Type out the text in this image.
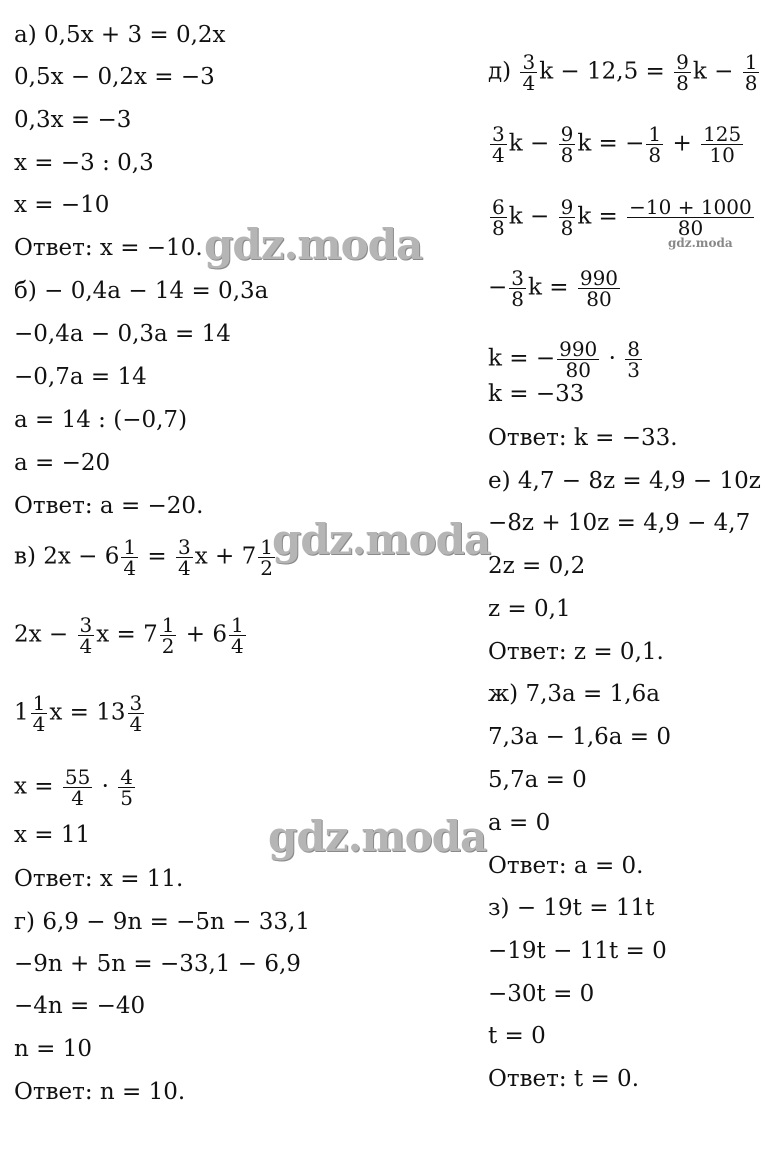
а) 0,5x + 3 = 0,2x
0,5x − 0,2x = −3
0,3x = −3
x = −3 : 0,3
x = −10
Ответ: x = −10.
б) − 0,4a − 14 = 0,3a
−0,4a − 0,3a = 14
−0,7a = 14
a = 14 : (−0,7)
a = −20
Ответ: a = −20.
в) $2x - 6 \frac{1}{4} = \frac{3}{4}$ $x + 7 \frac{1}{2}$
$2x - \frac{3}{4}$ $x = 7 \frac{1}{2} + 6 \frac{1}{4}$
$1 \frac{1}{4}$ $x = 13 \frac{3}{4}$
$x = \frac{55}{4} \cdot \frac{4}{5}$
x = 11
Ответ: x = 11.
г) 6,9 − 9n = −5n − 33,1
−9n + 5n = −33,1 − 6,9
−4n = −40
n = 10
Ответ: n = 10.
$д) \frac{3}{4}$ $k - 12,5 = \frac{9}{8}$ $k - \frac{1}{8}$
$\frac{3}{4}$ $k - \frac{9}{8}$ k = − $\frac{1}{8} + \frac{125}{10}$
$\frac{6}{8}$ $k - \frac{9}{8}$ $k = \frac{-10 + 1000}{80}$
− $\frac{3}{8}$ $k = \frac{990}{80}$
k = − $\frac{990}{80} \cdot \frac{8}{3}$
k = −33
Ответ: k = −33.
е) 4,7 − 8z = 4,9 − 10z
−8z + 10z = 4,9 − 4,7
2z = 0,2
z = 0,1
Ответ: z = 0,1.
ж) 7,3a = 1,6a
7,3a − 1,6a = 0
5,7a = 0
a = 0
Ответ: a = 0.
з) − 19t = 11t
−19t − 11t = 0
−30t = 0
t = 0
Ответ: t = 0.
gdz.moda
gdz.moda
gdz.moda
gdz.moda
